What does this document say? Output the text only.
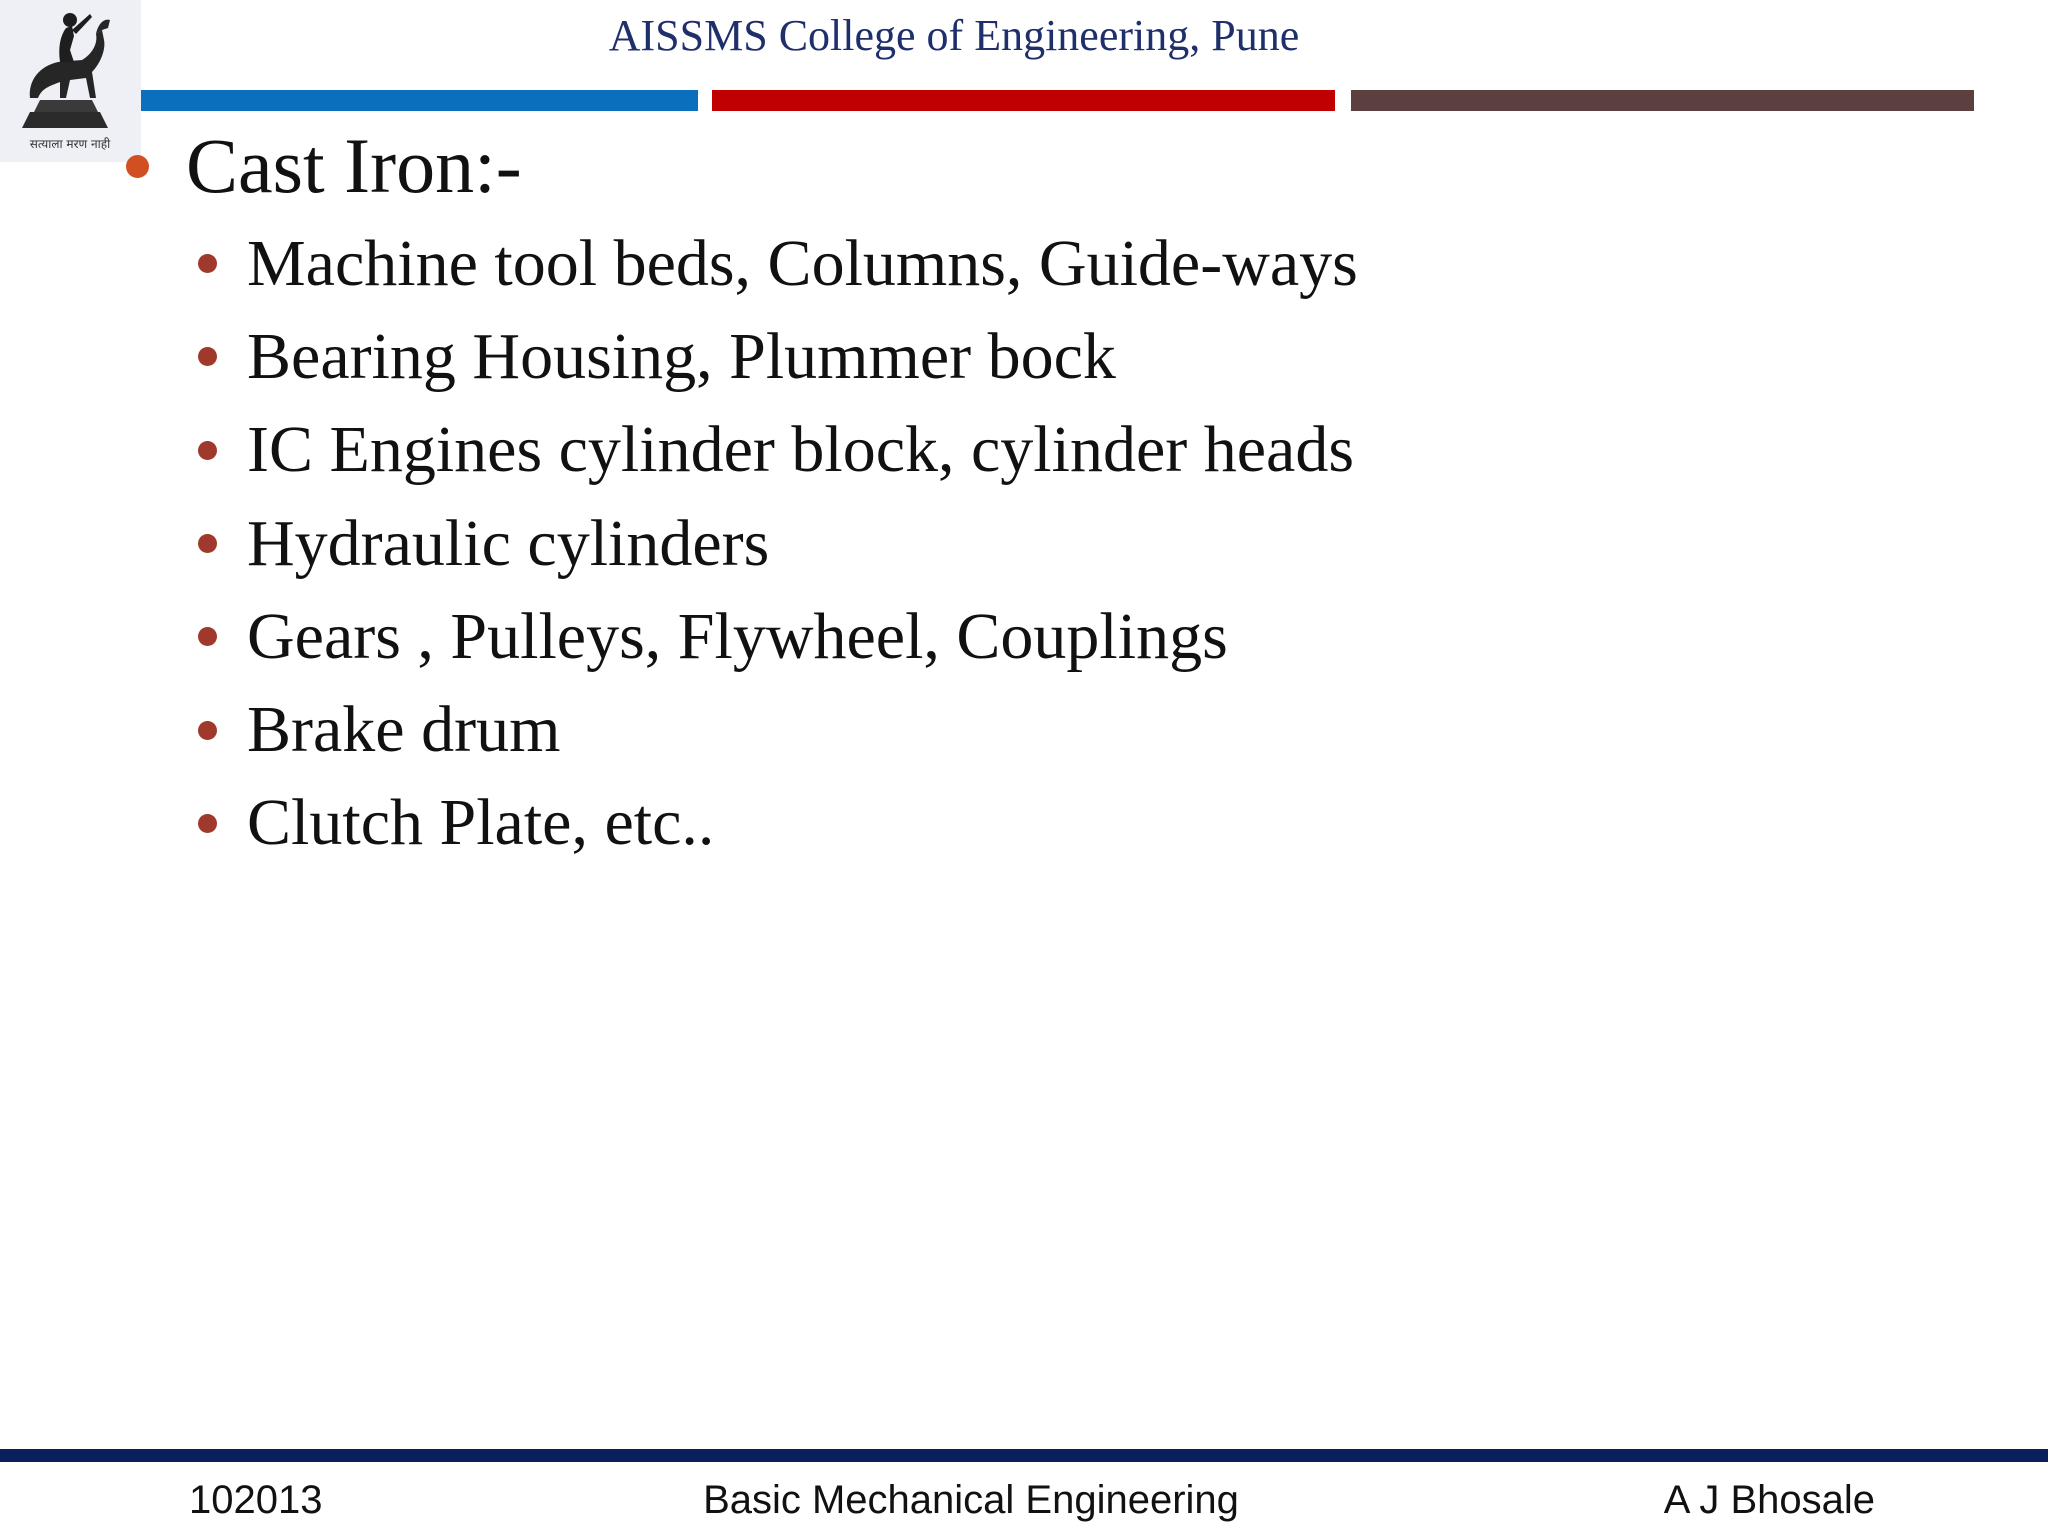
सत्याला मरण नाही
AISSMS College of Engineering, Pune
Cast Iron:-
Machine tool beds, Columns, Guide-ways
Bearing Housing, Plummer bock
IC Engines cylinder block, cylinder heads
Hydraulic cylinders
Gears , Pulleys, Flywheel, Couplings
Brake drum
Clutch Plate, etc..
102013	Basic Mechanical Engineering	A J Bhosale
